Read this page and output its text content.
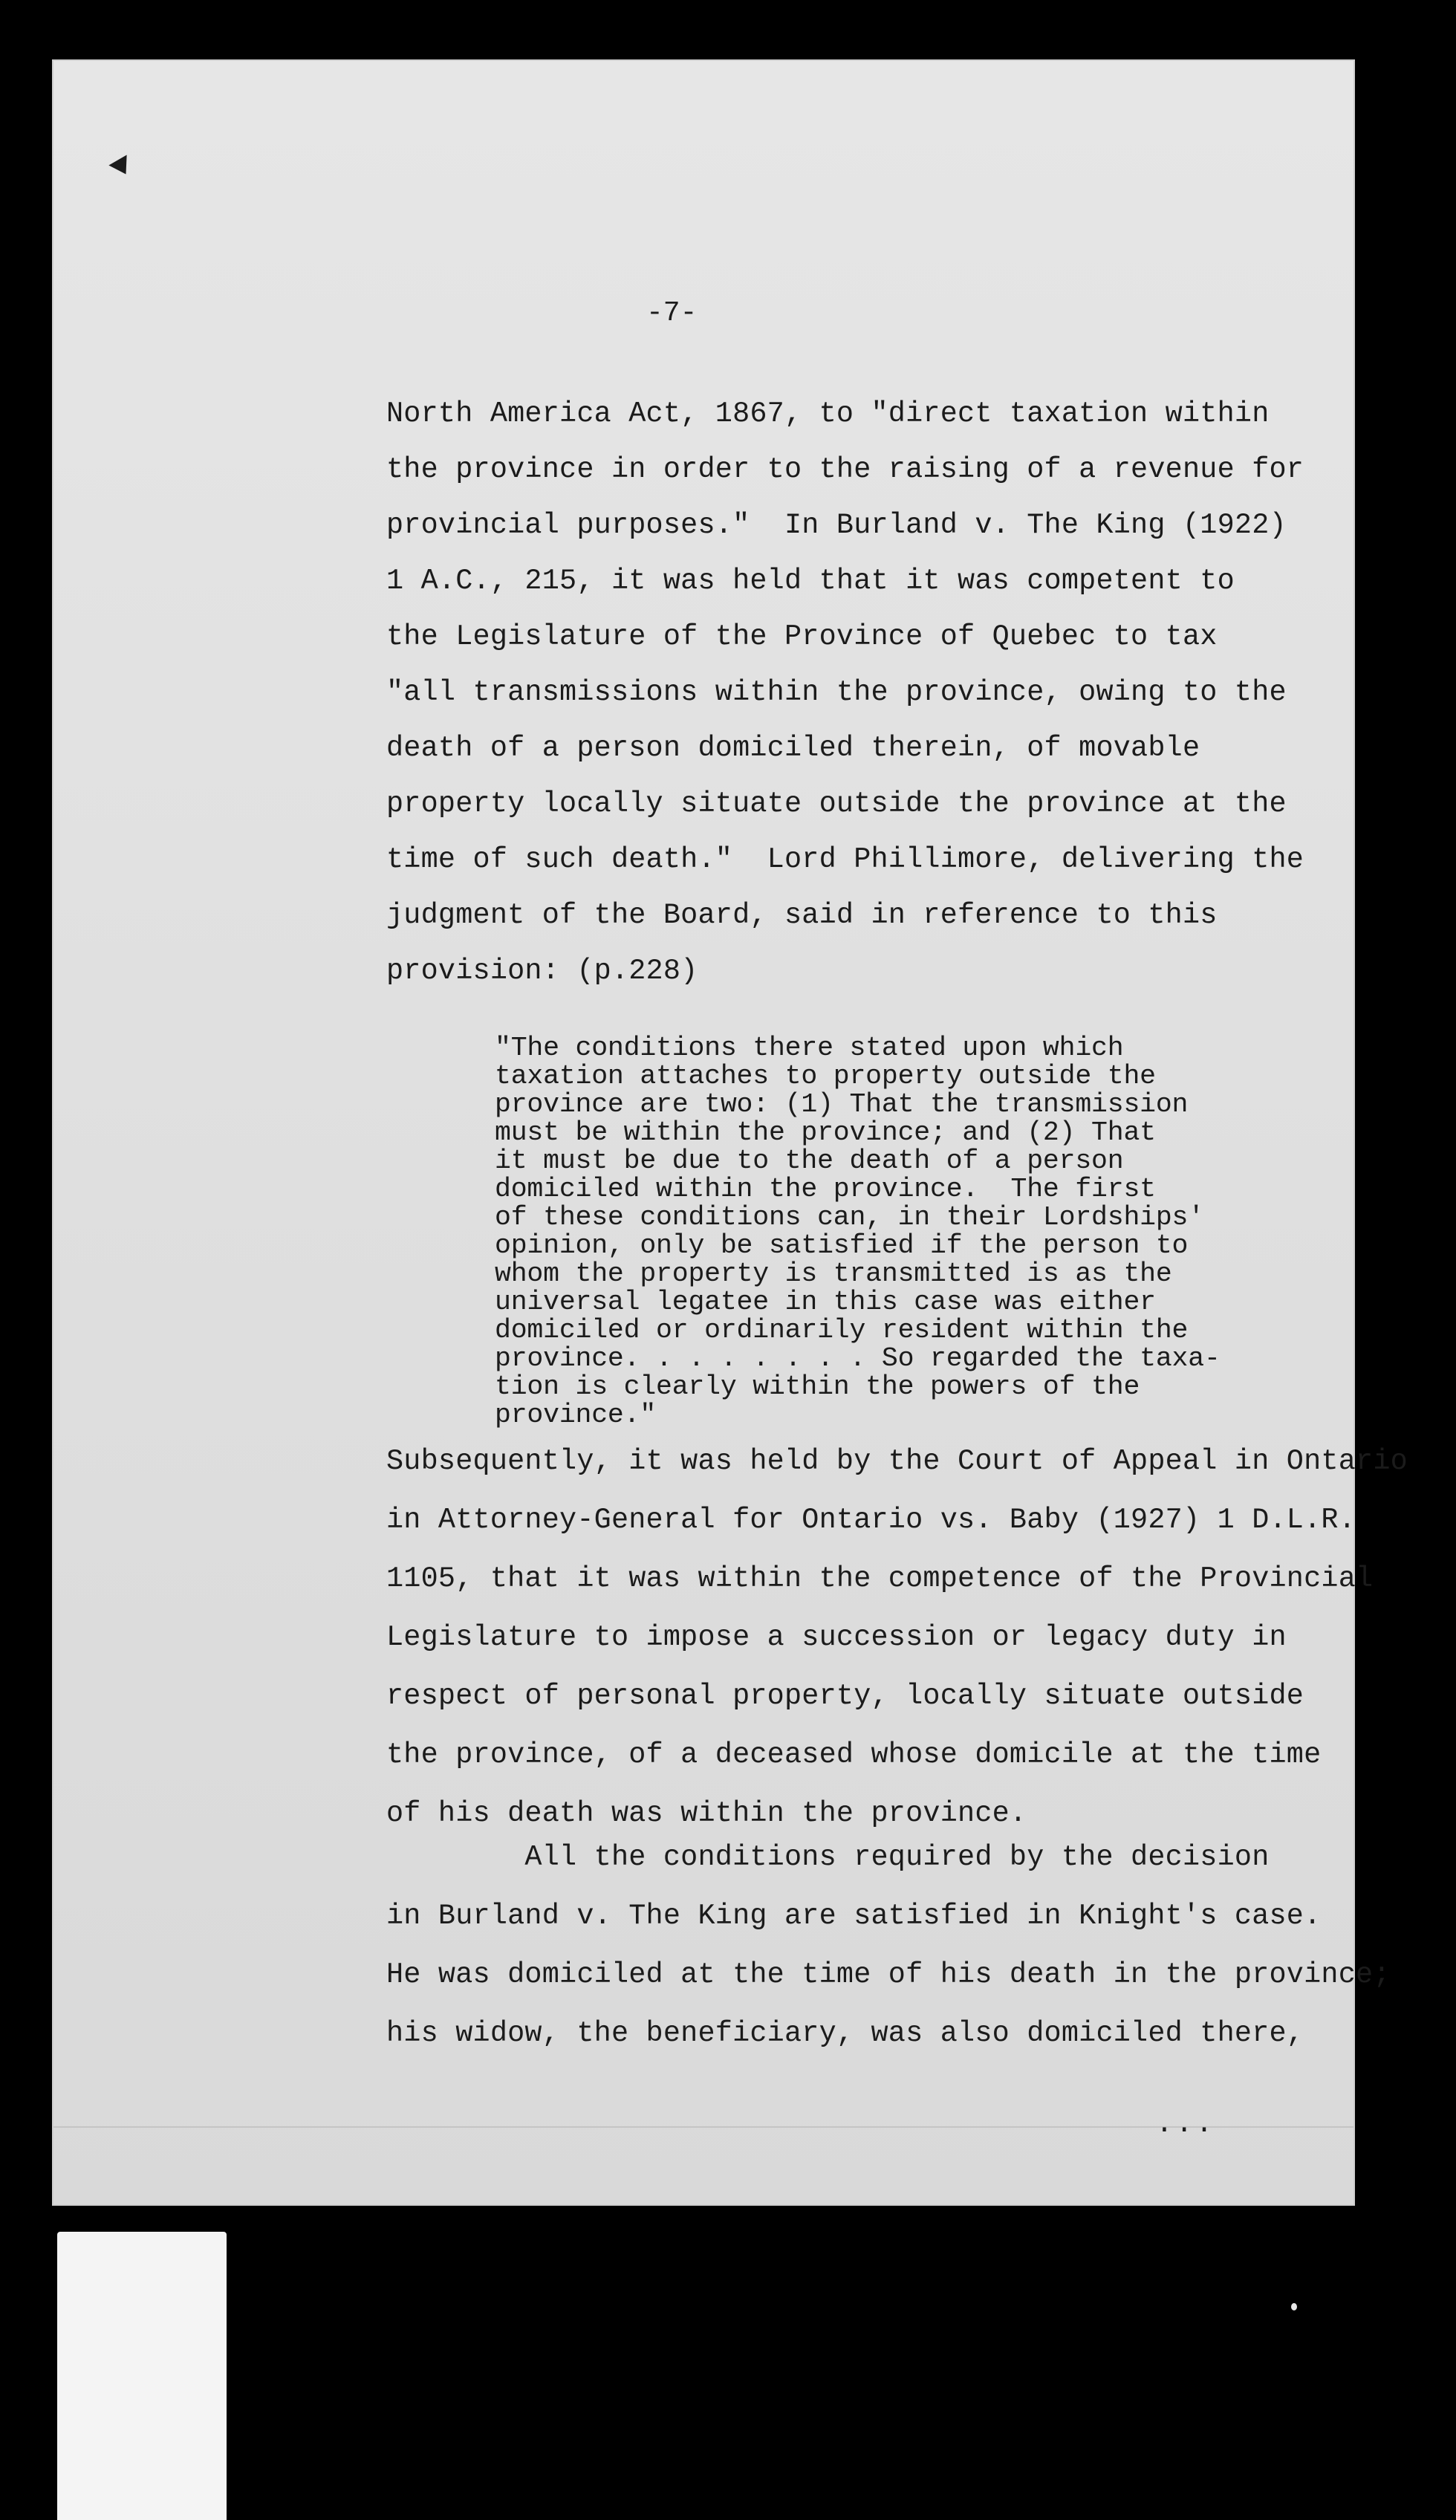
-7-
North America Act, 1867, to "direct taxation within
the province in order to the raising of a revenue for
provincial purposes."  In Burland v. The King (1922)
1 A.C., 215, it was held that it was competent to
the Legislature of the Province of Quebec to tax
"all transmissions within the province, owing to the
death of a person domiciled therein, of movable
property locally situate outside the province at the
time of such death."  Lord Phillimore, delivering the
judgment of the Board, said in reference to this
provision: (p.228)
"The conditions there stated upon which
taxation attaches to property outside the
province are two: (1) That the transmission
must be within the province; and (2) That
it must be due to the death of a person
domiciled within the province.  The first
of these conditions can, in their Lordships'
opinion, only be satisfied if the person to
whom the property is transmitted is as the
universal legatee in this case was either
domiciled or ordinarily resident within the
province. . . . . . . . So regarded the taxa-
tion is clearly within the powers of the
province."
Subsequently, it was held by the Court of Appeal in Ontario
in Attorney-General for Ontario vs. Baby (1927) 1 D.L.R.
1105, that it was within the competence of the Provincial
Legislature to impose a succession or legacy duty in
respect of personal property, locally situate outside
the province, of a deceased whose domicile at the time
of his death was within the province.
All the conditions required by the decision
in Burland v. The King are satisfied in Knight's case.
He was domiciled at the time of his death in the province;
his widow, the beneficiary, was also domiciled there,
...
